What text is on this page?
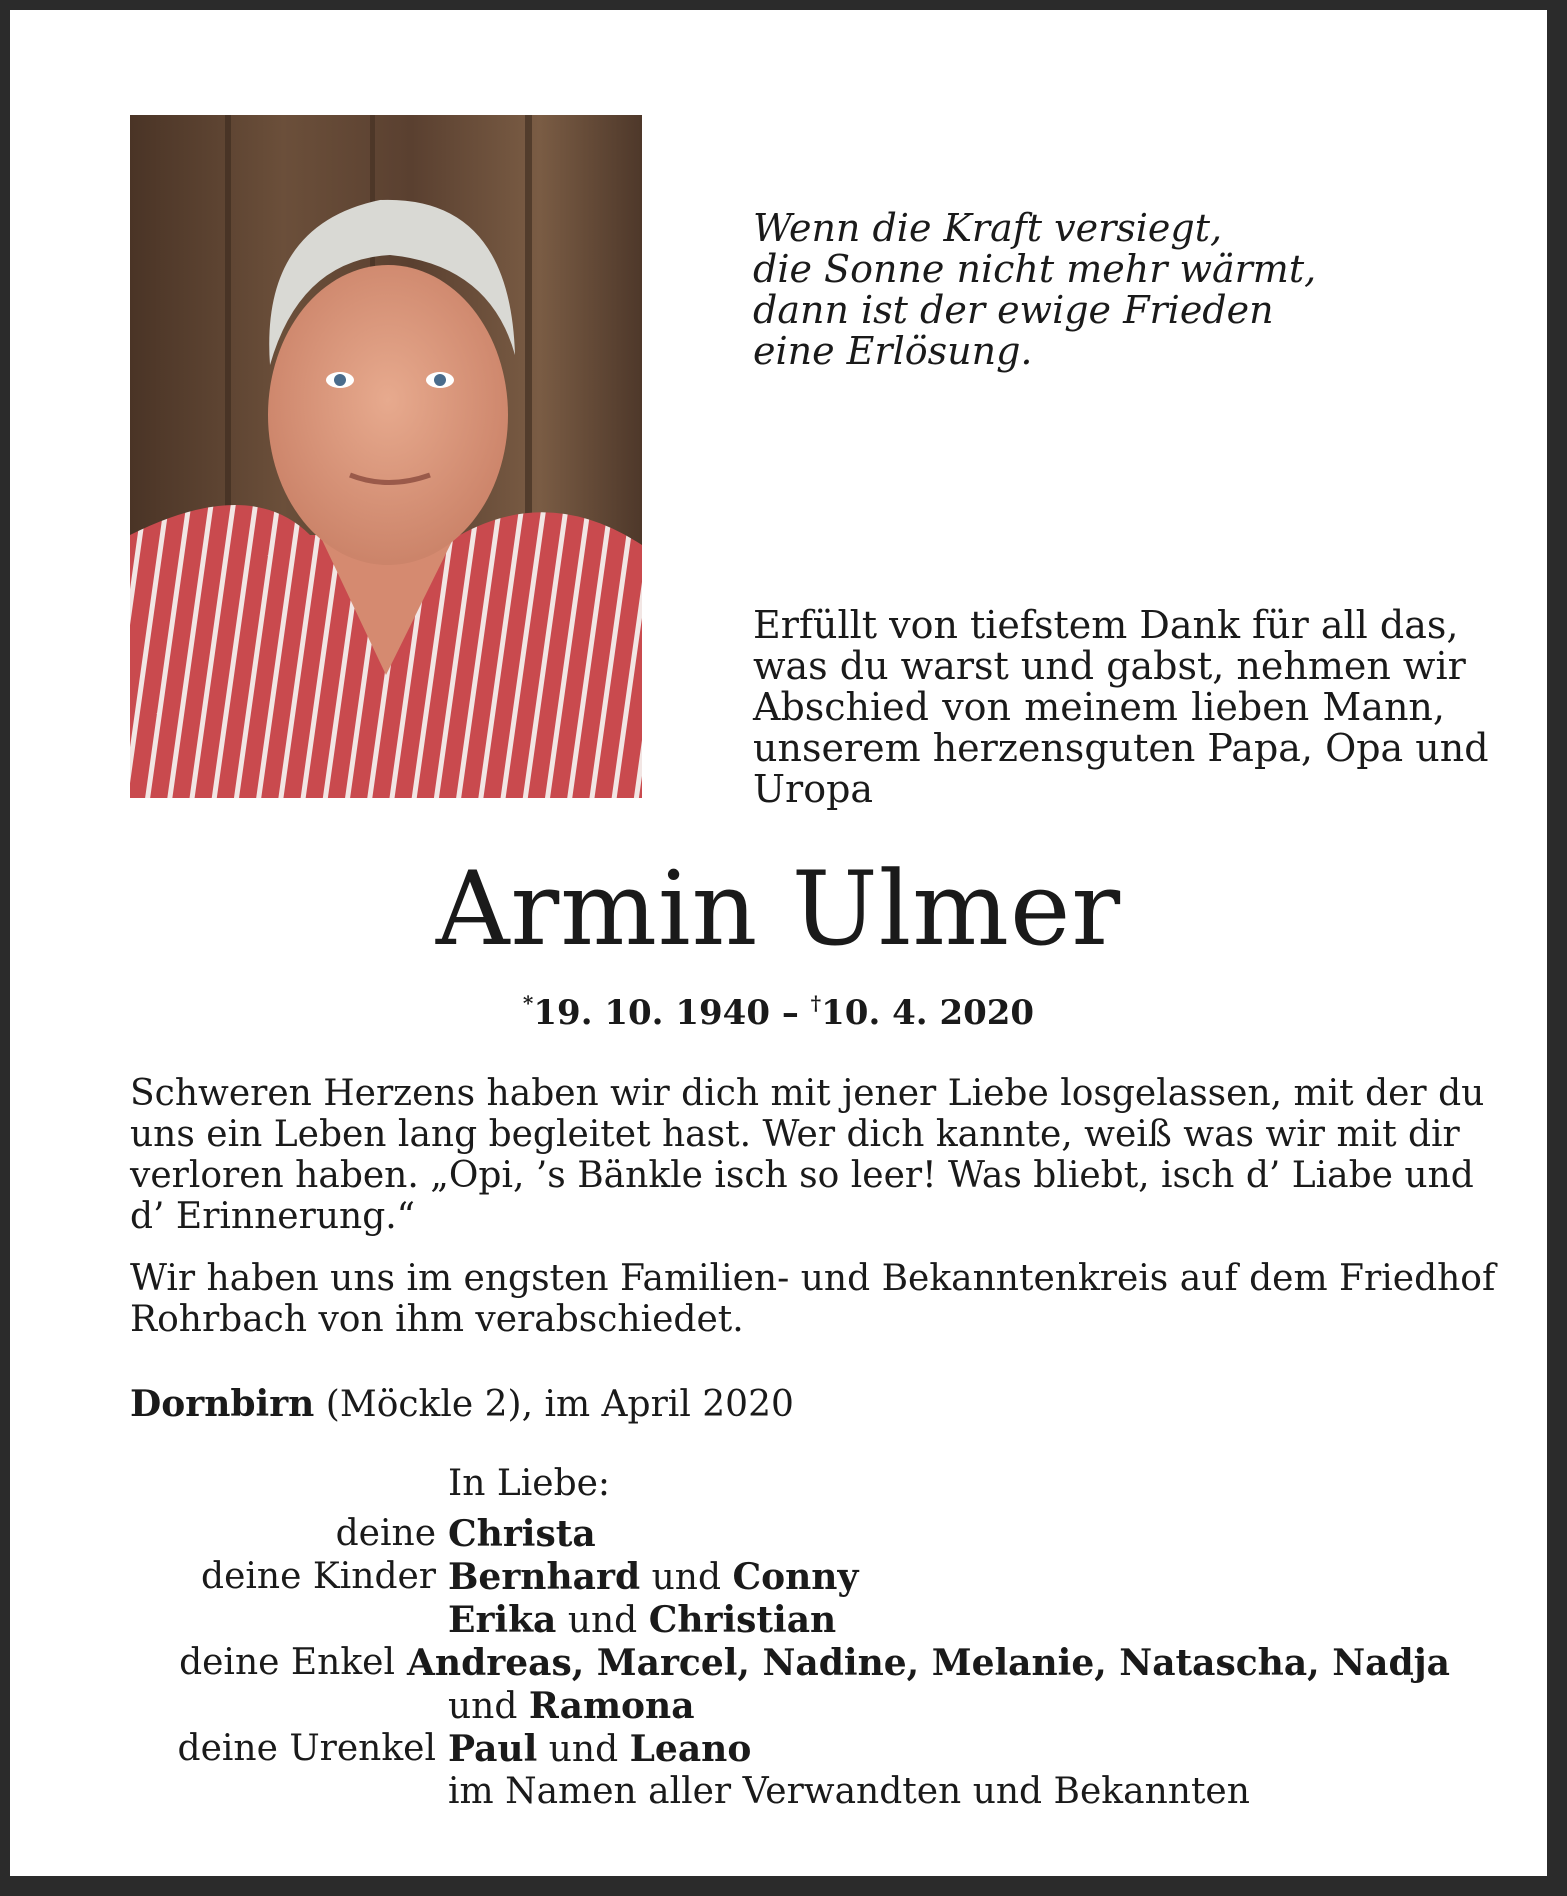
Wenn die Kraft versiegt,
die Sonne nicht mehr wärmt,
dann ist der ewige Frieden
eine Erlösung.
Erfüllt von tiefstem Dank für all das,
was du warst und gabst, nehmen wir
Abschied von meinem lieben Mann,
unserem herzensguten Papa, Opa und
Uropa
Armin Ulmer
*19. 10. 1940 – †10. 4. 2020
Schweren Herzens haben wir dich mit jener Liebe losgelassen, mit der du
uns ein Leben lang begleitet hast. Wer dich kannte, weiß was wir mit dir
verloren haben. „Opi, ’s Bänkle isch so leer! Was bliebt, isch d’ Liabe und
d’ Erinnerung.“
Wir haben uns im engsten Familien- und Bekanntenkreis auf dem Friedhof
Rohrbach von ihm verabschiedet.
Dornbirn (Möckle 2), im April 2020
In Liebe:
deine Christa
deine Kinder Bernhard und Conny
Erika und Christian
deine Enkel Andreas, Marcel, Nadine, Melanie, Natascha, Nadja
und Ramona
deine Urenkel Paul und Leano
im Namen aller Verwandten und Bekannten
